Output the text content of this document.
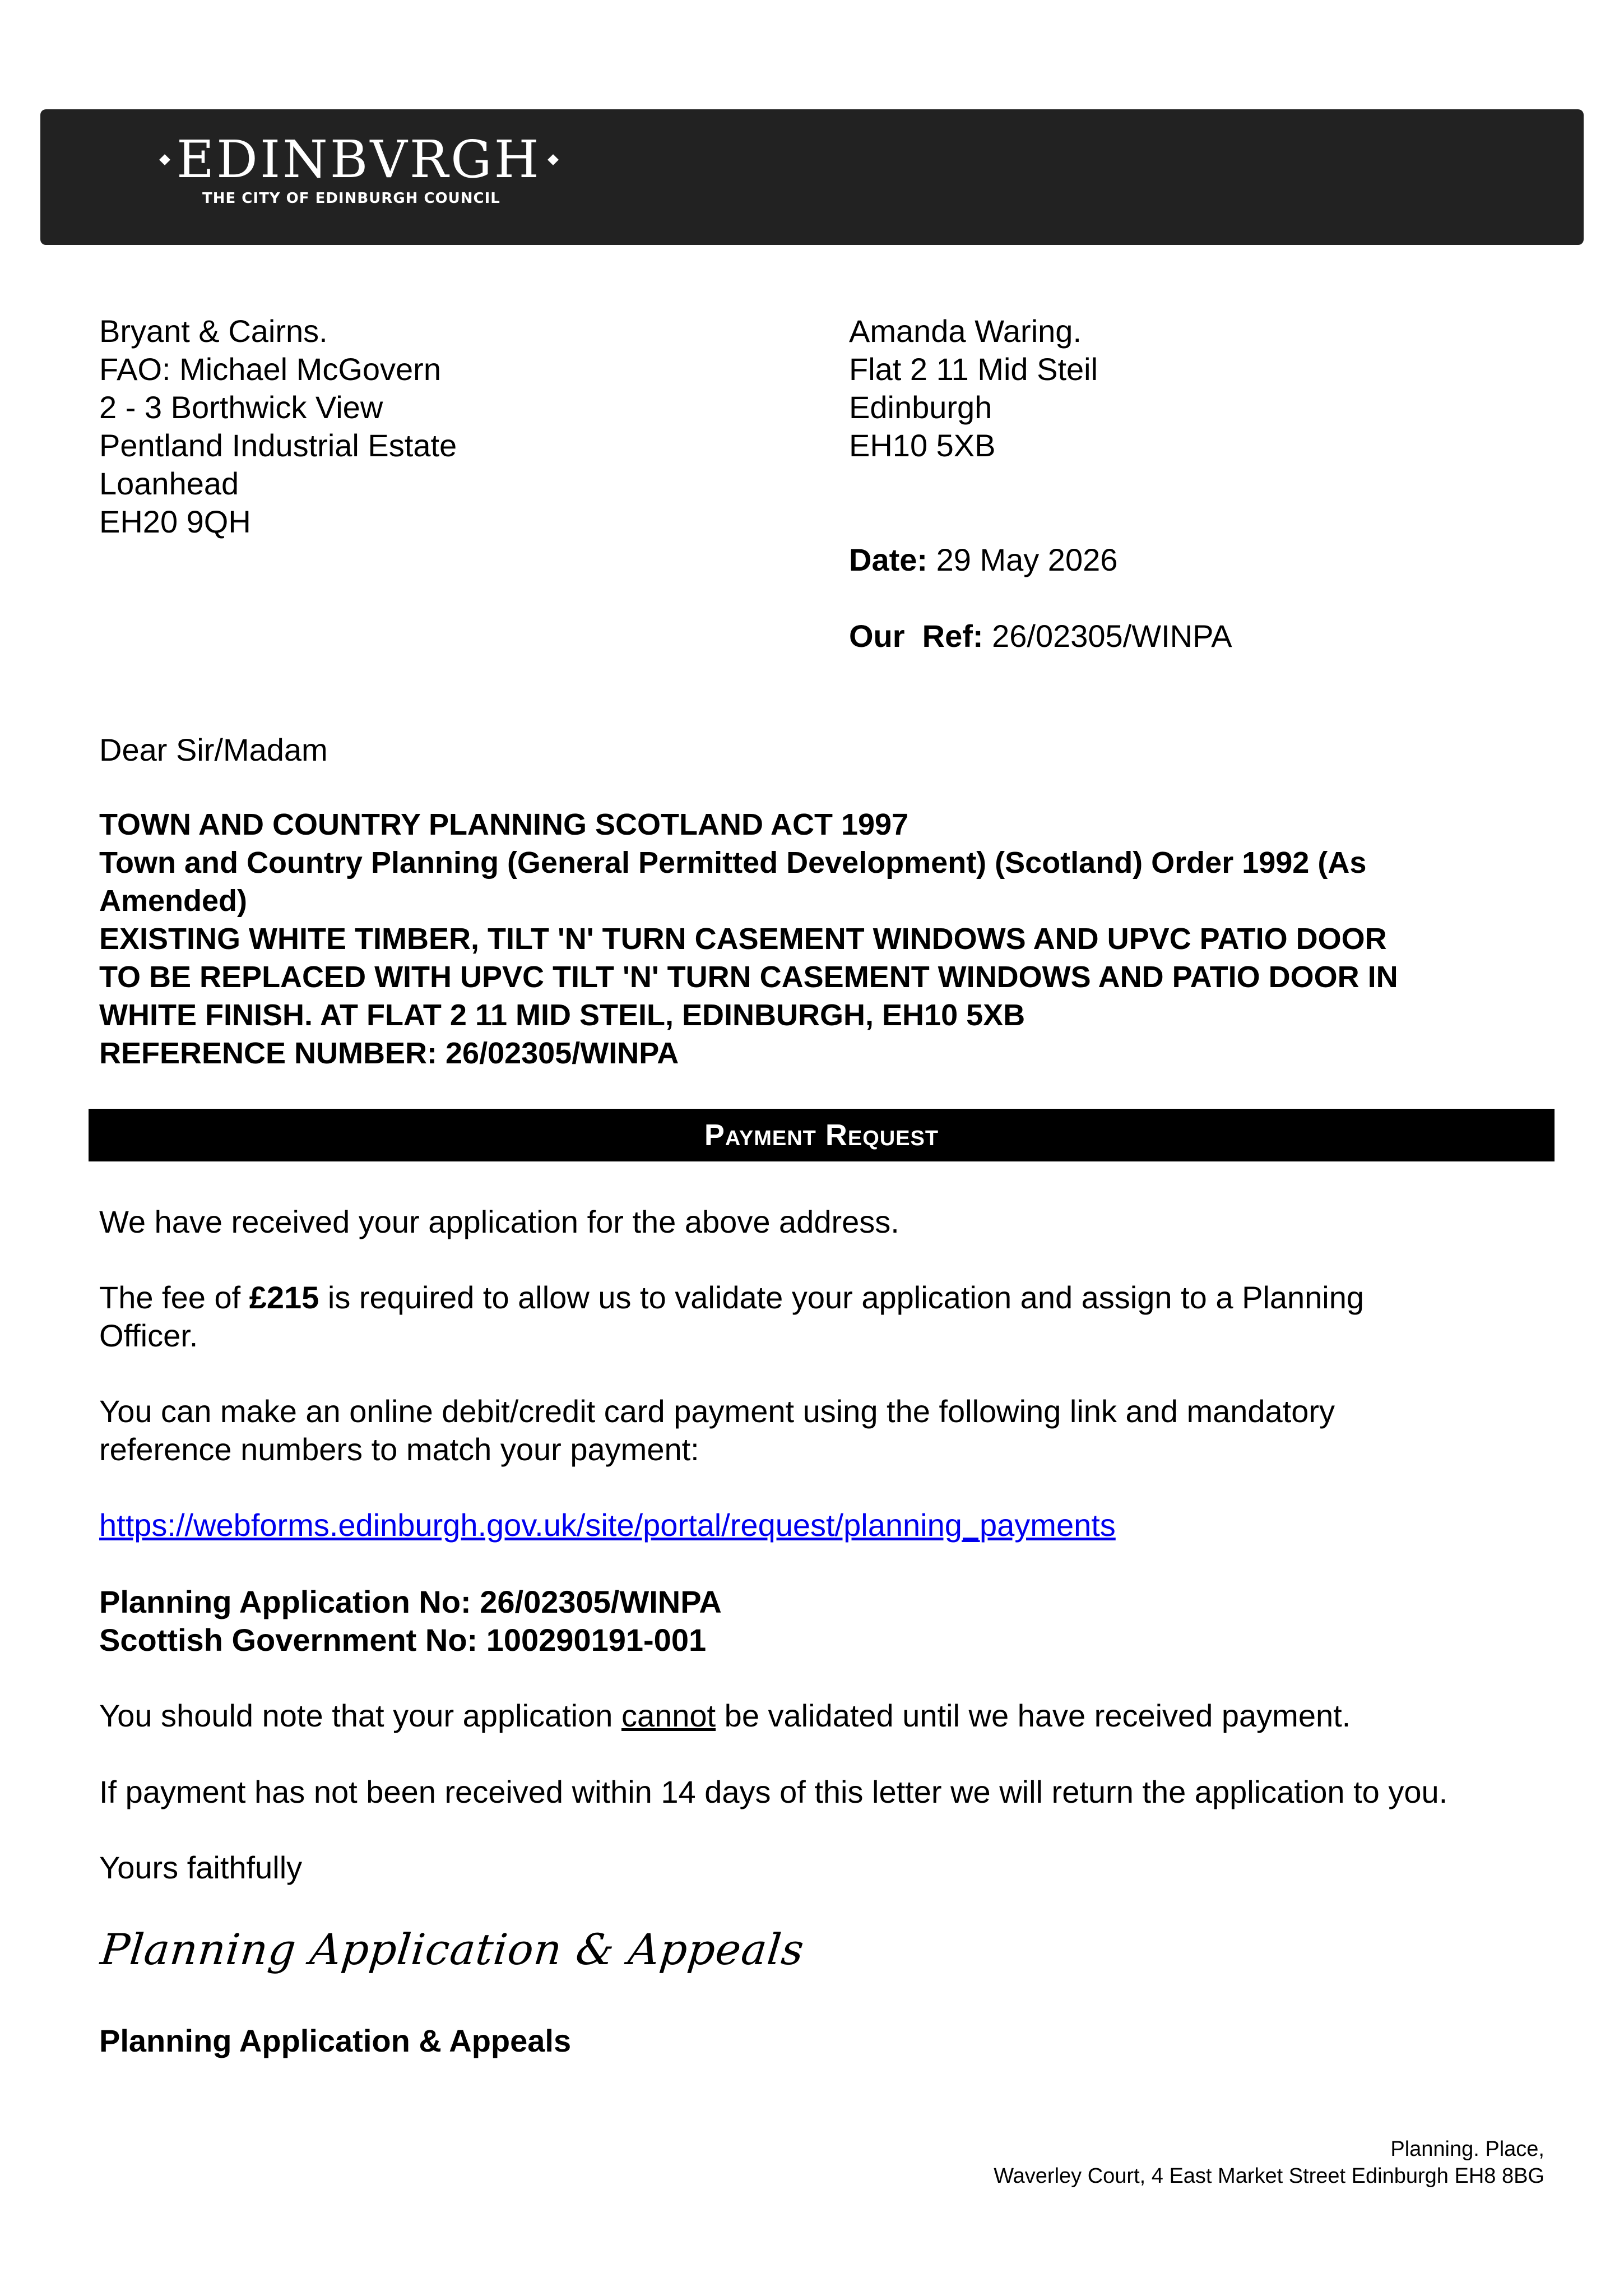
EDINBVRGH
THE CITY OF EDINBURGH COUNCIL
Bryant & Cairns.
FAO: Michael McGovern
2 - 3 Borthwick View
Pentland Industrial Estate
Loanhead
EH20 9QH
Amanda Waring.
Flat 2 11 Mid Steil
Edinburgh
EH10 5XB
Date: 29 May 2026
Our  Ref: 26/02305/WINPA
Dear Sir/Madam
TOWN AND COUNTRY PLANNING SCOTLAND ACT 1997
Town and Country Planning (General Permitted Development) (Scotland) Order 1992 (As
Amended)
EXISTING WHITE TIMBER, TILT 'N' TURN CASEMENT WINDOWS AND UPVC PATIO DOOR
TO BE REPLACED WITH UPVC TILT 'N' TURN CASEMENT WINDOWS AND PATIO DOOR IN
WHITE FINISH. AT FLAT 2 11 MID STEIL, EDINBURGH, EH10 5XB
REFERENCE NUMBER: 26/02305/WINPA
Payment Request
We have received your application for the above address.
The fee of £215 is required to allow us to validate your application and assign to a Planning
Officer.
You can make an online debit/credit card payment using the following link and mandatory
reference numbers to match your payment:
https://webforms.edinburgh.gov.uk/site/portal/request/planning_payments
Planning Application No: 26/02305/WINPA
Scottish Government No: 100290191-001
You should note that your application cannot be validated until we have received payment.
If payment has not been received within 14 days of this letter we will return the application to you.
Yours faithfully
Planning Application & Appeals
Planning Application & Appeals
Planning. Place,
Waverley Court, 4 East Market Street Edinburgh EH8 8BG
